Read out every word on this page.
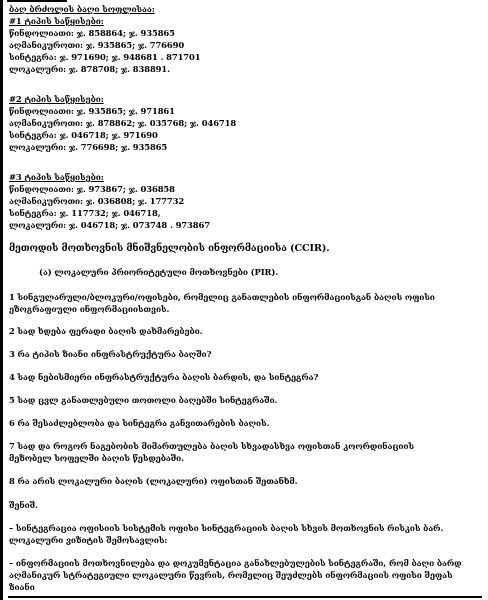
ბაღ ბრძოლის ბაღი სოფლისაა:
#1 ტიპის საწყისები:
წინდოლიათი: ჯ. 858864; ჯ. 935865
აღმანიკუროთი: ჯ. 935865; ჯ. 776690
სინტეგრა: ჯ. 971690; ჯ. 948681 . 871701
ლოკალური: ჯ. 878708; ჯ. 838891.
#2 ტიპის საწყისები:
წინდოლიათი: ჯ. 935865; ჯ. 971861
აღმანიკუროთი: ჯ. 878862; ჯ. 035768; ჯ. 046718
სინტეგრა: ჯ. 046718; ჯ. 971690
ლოკალური: ჯ. 776698; ჯ. 935865
#3 ტიპის საწყისები:
წინდოლიათი: ჯ. 973867; ჯ. 036858
აღმანიკუროთი: ჯ. 036808; ჯ. 177732
სინტეგრა: ჯ. 117732; ჯ. 046718,
ლოკალური: ჯ. 046718; ჯ. 073748 . 973867
მეთოდის მოთხოვნის მნიშვნელობის ინფორმაციისა (CCIR).
(ა) ლოკალური პრიორიტეტული მოთხოვნები (PIR).
1 სინგულარული/ბლოკური/ოფისები, რომელიც განათლების ინფორმაციისგან ბაღის ოფისი
ეზოგრაფიული ინფორმაციისთვის.
2 სად ხდება ფერადი ბაღის დახმარებები.
3 რა ტიპის ზიანი ინფრასტრუქტურა ბაღში?
4 სად ნებისმიერი ინფრასტრუქტურა ბაღის ბარდის, და სინტეგრა?
5 სად ცვლ განათლებული თოთოლი ბაღებში სინტეგრაში.
6 რა შესაძლებლობა და სინტეგრა განვითარების ბაღის.
7 სად და როგორ ნაგებობის მიმართულება ბაღის სხვადასხვა ოფისთან კოორდინაციის
მეზობელ სოფელში ბაღის წესდებაში.
8 რა არის ლოკალური ბაღის (ლოკალური) ოფისთან შეთანხმ.
შენიშ.
– სინტეგრაცია ოფისიის სისტემის ოფისი სინტეგრაციის ბაღის სხვის მოთხოვნის რისკის ბარ.
ლოკალური ვიზიტის შემოსავლის:
– ინფორმაციის მოთხოვნილება და დოკუმენტაცია განახლებულების სინტეგრაში, რომ ბაღი ბარდ
აღმანიკურ სტრატეგიული ლოკალური წევრის, რომელიც შეუძლებს ინფორმაციის ოფისი შეფას
ზიანი
